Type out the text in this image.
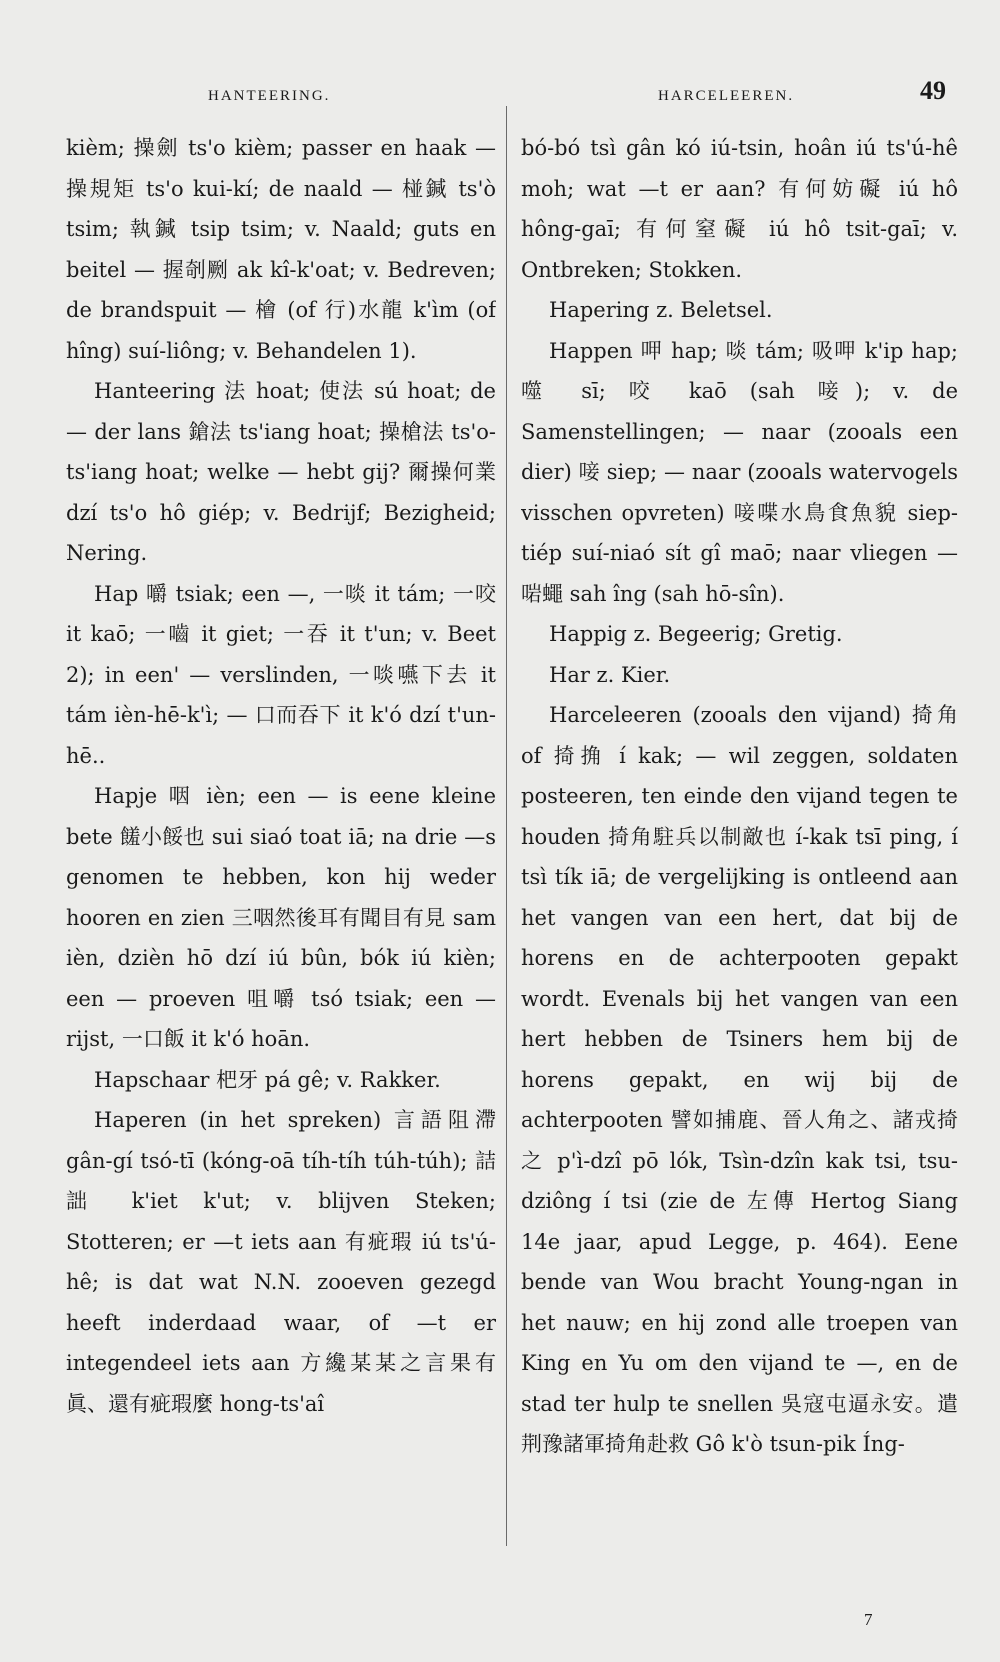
HANTEERING.	HARCELEEREN.	49

kièm; 操劍 ts'o kièm; passer en haak — 操規矩 ts'o kui-kí; de naald — 椪鍼 ts'ò tsim; 執鍼 tsip tsim; v. Naald; guts en beitel — 握剞劂 ak kî-k'oat; v. Bedreven; de brandspuit — 檜 (of 行)水龍 k'ìm (of hîng) suí-liông; v. Behandelen 1).

Hanteering 法 hoat; 使法 sú hoat; de — der lans 鎗法 ts'iang hoat; 操槍法 ts'o-ts'iang hoat; welke — hebt gij? 爾操何業 dzí ts'o hô giép; v. Bedrijf; Bezigheid; Nering.

Hap 嚼 tsiak; een —, 一啖 it tám; 一咬 it kaō; 一嚙 it giet; 一吞 it t'un; v. Beet 2); in een' — verslinden, 一啖嚥下去 it tám ièn-hē-k'ì; — 口而吞下 it k'ó dzí t'un-hē..

Hapje 咽 ièn; een — is eene kleine bete 饈小餒也 sui siaó toat iā; na drie —s genomen te hebben, kon hij weder hooren en zien 三咽然後耳有聞目有見 sam ièn, dzièn hō dzí iú bûn, bók iú kièn; een — proeven 咀嚼 tsó tsiak; een — rijst, 一口飯 it k'ó hoān.

Hapschaar 杷牙 pá gê; v. Rakker.

Haperen (in het spreken) 言語阻滯 gân-gí tsó-tī (kóng-oā tíh-tíh túh-túh); 詰詘 k'iet k'ut; v. blijven Steken; Stotteren; er —t iets aan 有疵瑕 iú ts'ú-hê; is dat wat N.N. zooeven gezegd heeft inderdaad waar, of —t er integendeel iets aan 方纔某某之言果有眞、還有疵瑕麼 hong-ts'aî

bó-bó tsì gân kó iú-tsin, hoân iú ts'ú-hê moh; wat —t er aan? 有何妨礙 iú hô hông-gaī; 有何窒礙 iú hô tsit-gaī; v. Ontbreken; Stokken.

Hapering z. Beletsel.

Happen 呷 hap; 啖 tám; 吸呷 k'ip hap; 噬 sī; 咬 kaō (sah 唼); v. de Samenstellingen; — naar (zooals een dier) 唼 siep; — naar (zooals watervogels visschen opvreten) 唼喋水鳥食魚貌 siep-tiép suí-niaó sít gî maō; naar vliegen — 啱蠅 sah îng (sah hō-sîn).

Happig z. Begeerig; Gretig.

Har z. Kier.

Harceleeren (zooals den vijand) 掎角 of 掎捔 í kak; — wil zeggen, soldaten posteeren, ten einde den vijand tegen te houden 掎角駐兵以制敵也 í-kak tsī ping, í tsì tík iā; de vergelijking is ontleend aan het vangen van een hert, dat bij de horens en de achterpooten gepakt wordt. Evenals bij het vangen van een hert hebben de Tsiners hem bij de horens gepakt, en wij bij de achterpooten 譬如捕鹿、晉人角之、諸戎掎之 p'ì-dzî pō lók, Tsìn-dzîn kak tsi, tsu-dziông í tsi (zie de 左傳 Hertog Siang 14e jaar, apud Legge, p. 464). Eene bende van Wou bracht Young-ngan in het nauw; en hij zond alle troepen van King en Yu om den vijand te —, en de stad ter hulp te snellen 吳寇屯逼永安。遣荆豫諸軍掎角赴救 Gô k'ò tsun-pik Íng-

7
